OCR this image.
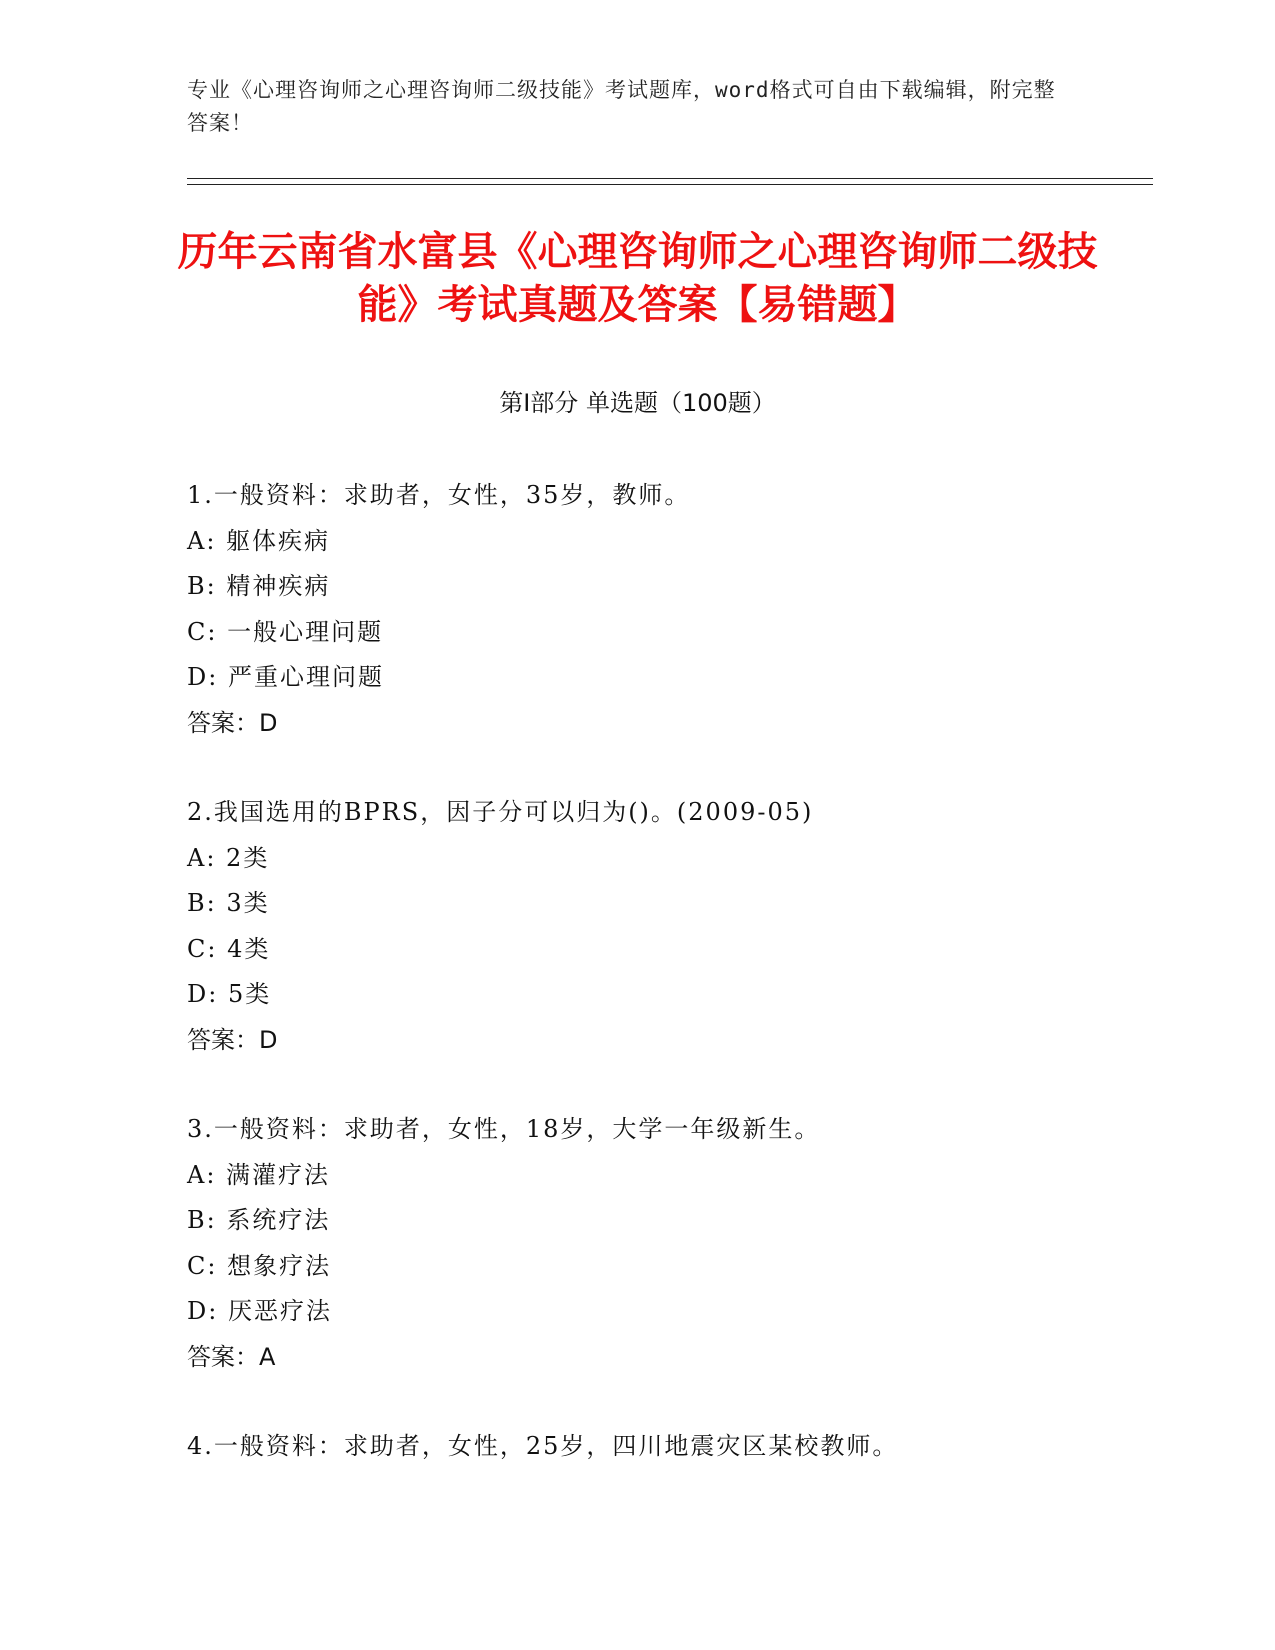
专业《心理咨询师之心理咨询师二级技能》考试题库，word格式可自由下载编辑，附完整答案！
历年云南省水富县《心理咨询师之心理咨询师二级技能》考试真题及答案【易错题】
第I部分 单选题（100题）
1.一般资料：求助者，女性，35岁，教师。
A: 躯体疾病
B: 精神疾病
C: 一般心理问题
D: 严重心理问题
答案：D
2.我国选用的BPRS，因子分可以归为()。(2009-05)
A: 2类
B: 3类
C: 4类
D: 5类
答案：D
3.一般资料：求助者，女性，18岁，大学一年级新生。
A: 满灌疗法
B: 系统疗法
C: 想象疗法
D: 厌恶疗法
答案：A
4.一般资料：求助者，女性，25岁，四川地震灾区某校教师。
